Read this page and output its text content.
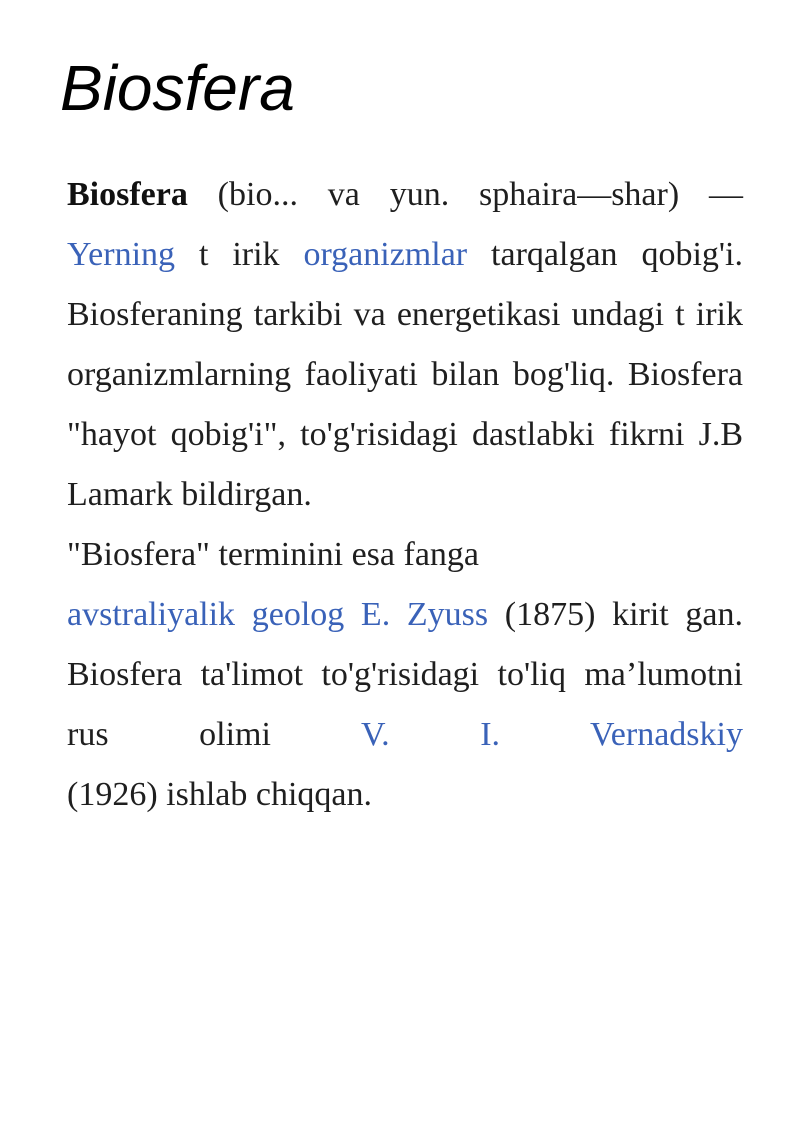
Biosfera

Biosfera (bio... va yun. sphaira—shar) — Yerning t irik organizmlar tarqalgan qobig'i. Biosferaning tarkibi va energetikasi undagi t irik organizmlarning faoliyati bilan bog'liq. Biosfera "hayot qobig'i", to'g'risidagi dastlabki fikrni J.B Lamark bildirgan.

"Biosfera" terminini esa fanga

avstraliyalik geolog E. Zyuss (1875) kirit gan. Biosfera ta'limot to'g'risidagi to'liq ma’lumotni rus olimi V. I. Vernadskiy

(1926) ishlab chiqqan.
